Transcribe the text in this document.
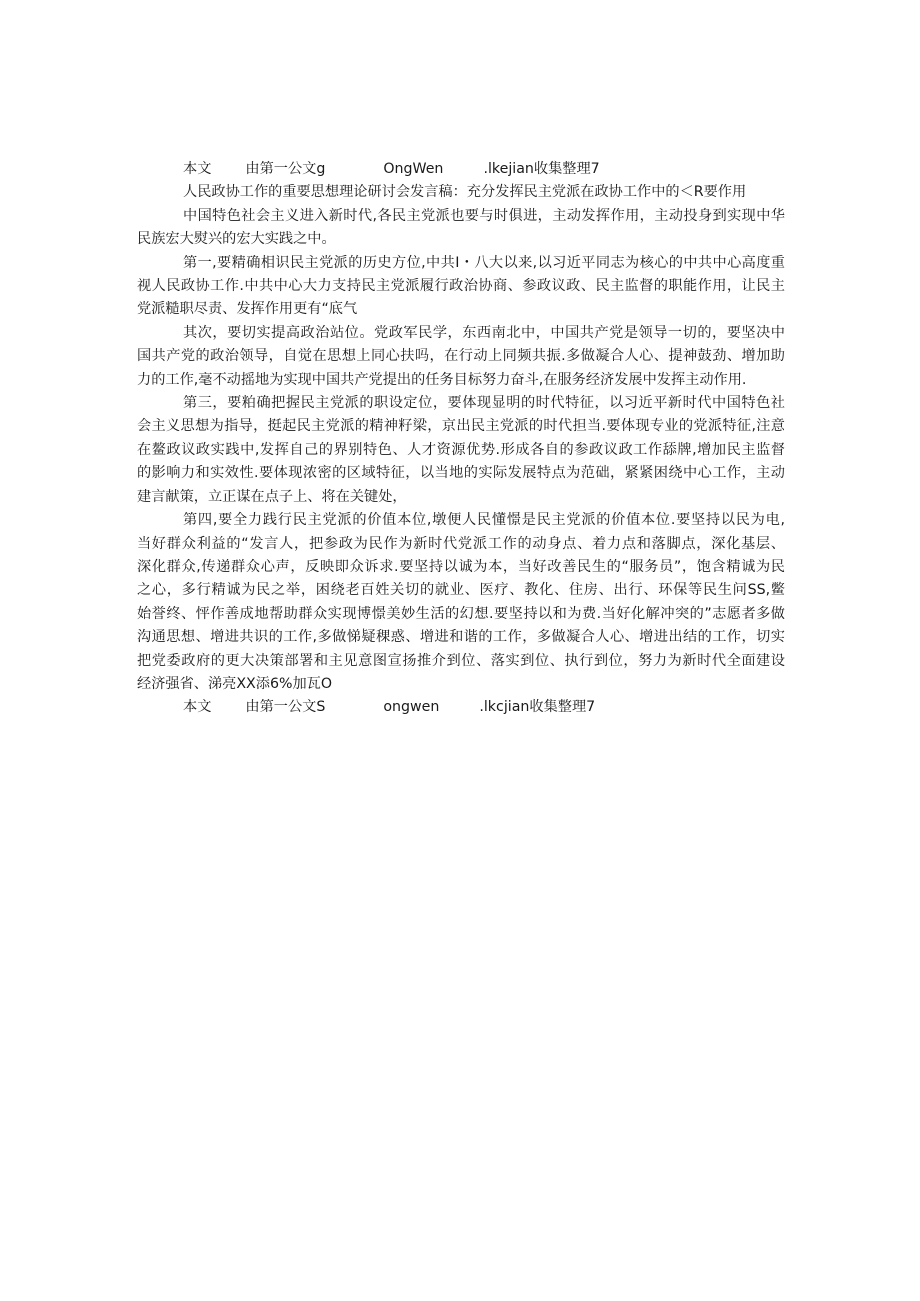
本文 由第一公文g	OngWen	.lkejian收集整理7
人民政协工作的重要思想理论研讨会发言稿：充分发挥民主党派在政协工作中的＜R要作用
中国特色社会主义进入新时代,各民主党派也要与时俱进，主动发挥作用，主动投身到实现中华
民族宏大熨兴的宏大实践之中。
第一,要精确相识民主党派的历史方位,中共I・八大以来,以习近平同志为核心的中共中心高度重
视人民政协工作.中共中心大力支持民主党派履行政治协商、参政议政、民主监督的职能作用，让民主
党派糙职尽责、发挥作用更有“底气
其次，要切实提高政治站位。党政军民学，东西南北中，中国共产党是领导一切的，要坚决中
国共产党的政治领导，自觉在思想上同心扶吗，在行动上同频共振.多做凝合人心、提神鼓劲、增加助
力的工作,毫不动摇地为实现中国共产党提出的任务目标努力奋斗,在服务经济发展中发挥主动作用.
第三，要粕确把握民主党派的职设定位，要体现显明的时代特征，以习近平新时代中国特色社
会主义思想为指导，挺起民主党派的精神籽梁，京出民主党派的时代担当.要体现专业的党派特征,注意
在鳌政议政实践中,发挥自己的界别特色、人才资源优势.形成各自的参政议政工作舔牌,增加民主监督
的影响力和实效性.要体现浓密的区域特征，以当地的实际发展特点为范础，紧紧困绕中心工作，主动
建言献策，立正谋在点子上、将在关键处，
第四,要全力践行民主党派的价值本位,墩便人民懂憬是民主党派的价值本位.要坚持以民为电,
当好群众利益的“发言人，把参政为民作为新时代党派工作的动身点、着力点和落脚点，深化基层、
深化群众,传递群众心声，反映即众诉求.要坚持以诚为本，当好改善民生的“服务员”，饱含精诚为民
之心，多行精诚为民之举，困绕老百姓关切的就业、医疗、教化、住房、出行、环保等民生问SS,鳖
始誉终、怦作善成地帮助群众实现博憬美妙生活的幻想.要坚持以和为费.当好化解冲突的”志愿者多做
沟通思想、增进共识的工作,多做悌疑稞惑、增进和谐的工作，多做凝合人心、增进出结的工作，切实
把党委政府的更大决策部署和主见意图宣扬推介到位、落实到位、执行到位，努力为新时代全面建设
经济强省、涕亮XX添6%加瓦O
本文 由第一公文S	ongwen	.lkcjian收集整理7
